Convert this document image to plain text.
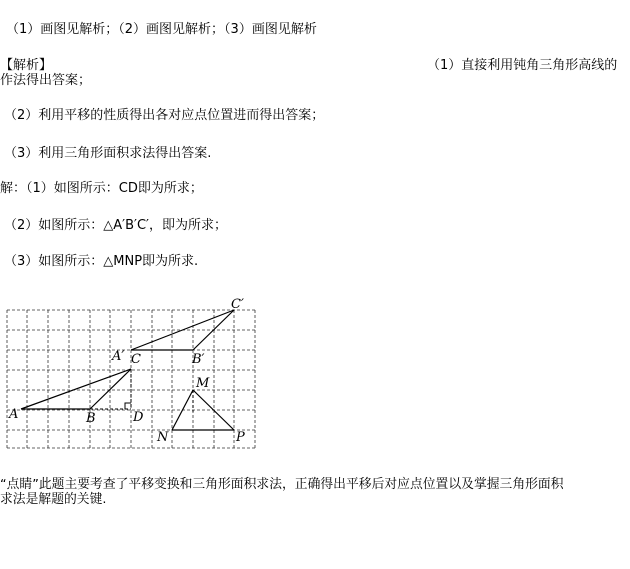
（1）画图见解析；（2）画图见解析；（3）画图见解析
【解析】	（1）直接利用钝角三角形高线的
作法得出答案；
（2）利用平移的性质得出各对应点位置进而得出答案；
（3）利用三角形面积求法得出答案.
解：（1）如图所示：CD即为所求；
（2）如图所示：△A′B′C′，即为所求；
（3）如图所示：△MNP即为所求.
A	B
C
D
A′	B′
C′
M
N	P
“点睛”此题主要考查了平移变换和三角形面积求法，正确得出平移后对应点位置以及掌握三角形面积
求法是解题的关键.
